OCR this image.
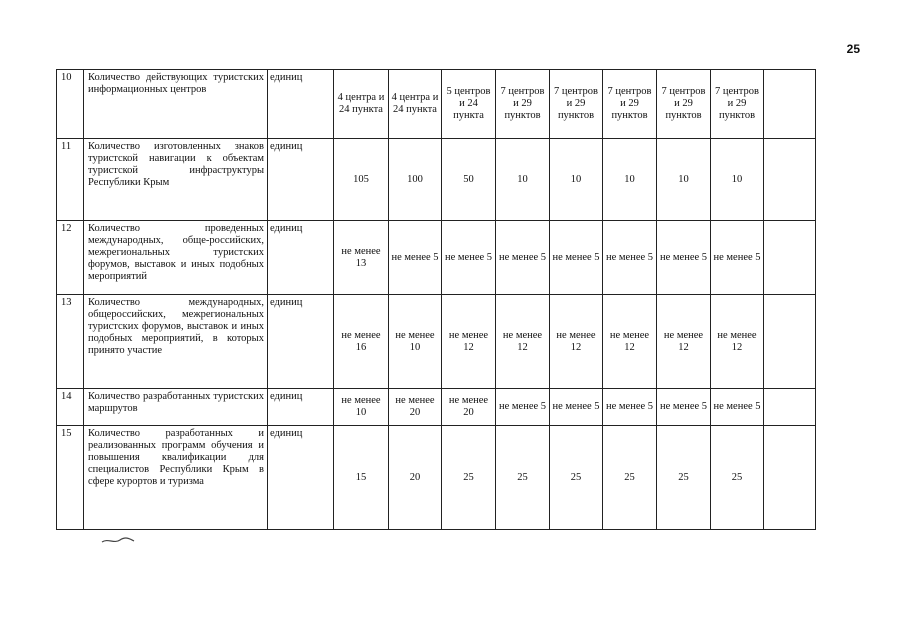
25
10	Количество действующих туристских информационных центров	единиц	4 центра и 24 пункта	4 центра и 24 пункта	5 центров и 24 пункта	7 центров и 29 пунктов	7 центров и 29 пунктов	7 центров и 29 пунктов	7 центров и 29 пунктов	7 центров и 29 пунктов	
11	Количество изготовленных знаков туристской навигации к объектам туристской инфраструктуры Республики Крым	единиц	105	100	50	10	10	10	10	10	
12	Количество проведенных международных, обще-российских, межрегиональных туристских форумов, выставок и иных подобных мероприятий	единиц	не менее 13	не менее 5	не менее 5	не менее 5	не менее 5	не менее 5	не менее 5	не менее 5	
13	Количество международных, общероссийских, межрегиональных туристских форумов, выставок и иных подобных мероприятий, в которых принято участие	единиц	не менее 16	не менее 10	не менее 12	не менее 12	не менее 12	не менее 12	не менее 12	не менее 12	
14	Количество разработанных туристских маршрутов	единиц	не менее 10	не менее 20	не менее 20	не менее 5	не менее 5	не менее 5	не менее 5	не менее 5	
15	Количество разработанных и реализованных программ обучения и повышения квалификации для специалистов Республики Крым в сфере курортов и туризма	единиц	15	20	25	25	25	25	25	25	
